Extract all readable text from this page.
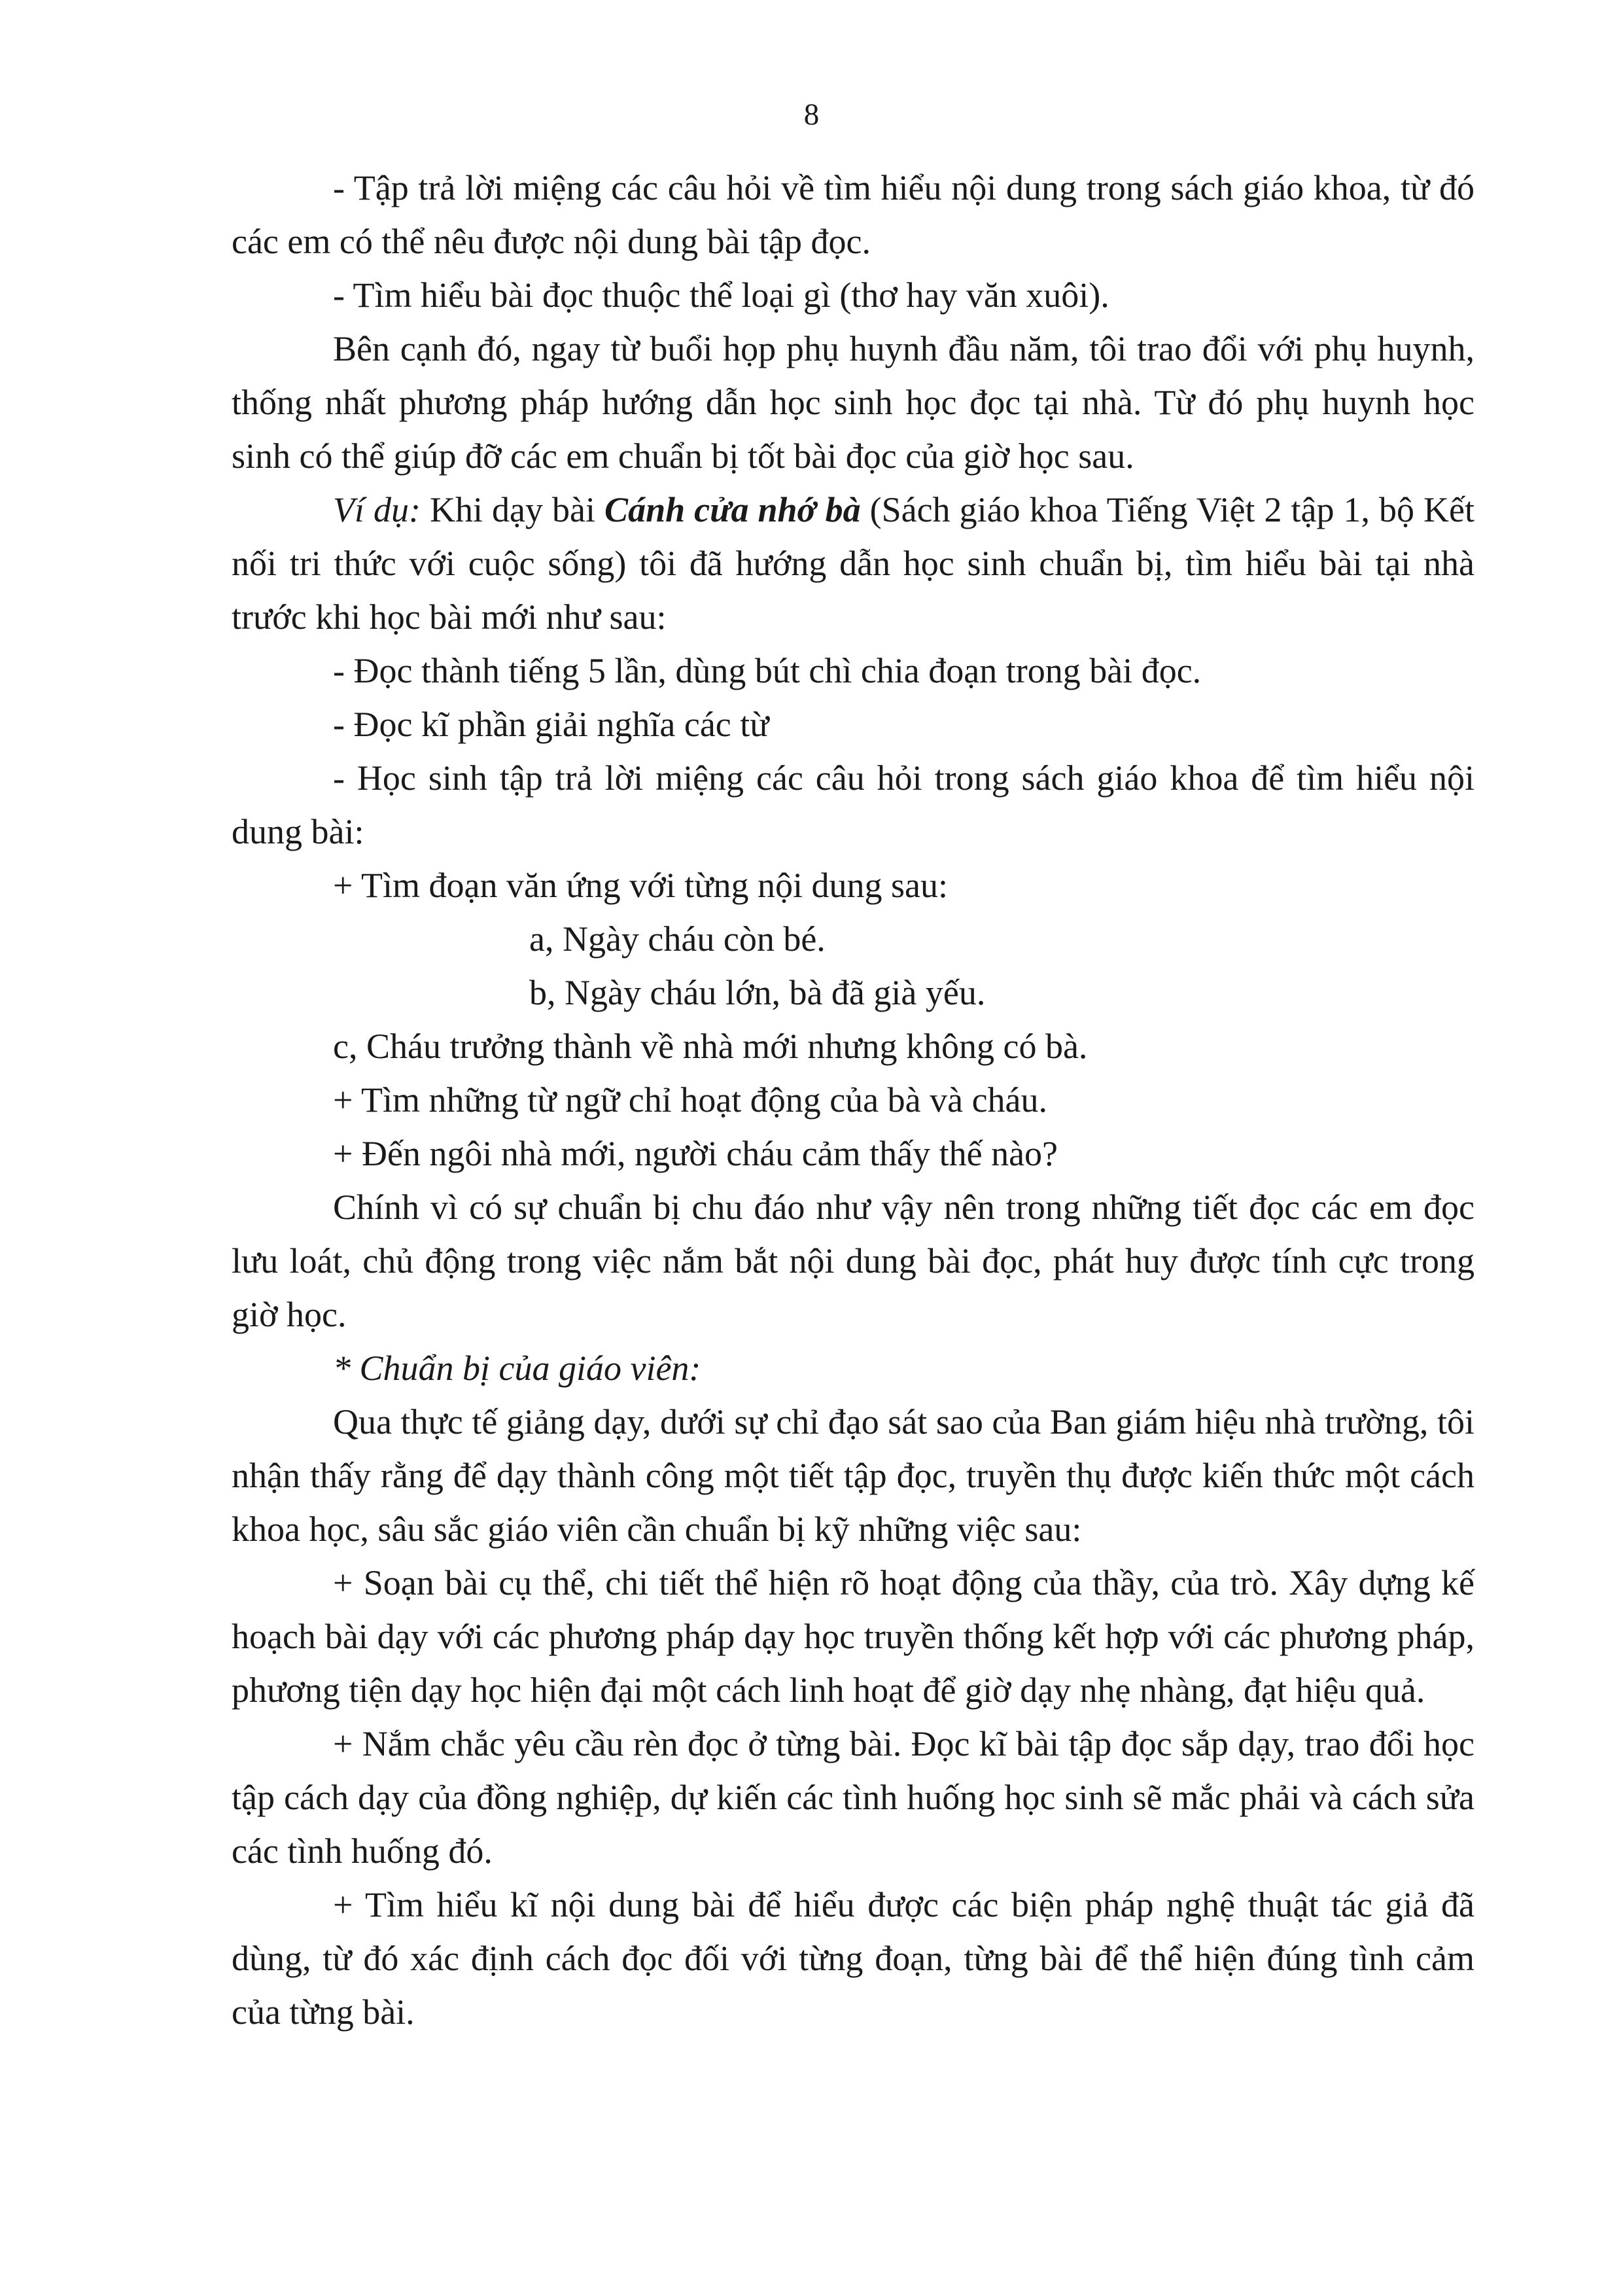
8

- Tập trả lời miệng các câu hỏi về tìm hiểu nội dung trong sách giáo khoa, từ đó các em có thể nêu được nội dung bài tập đọc.

- Tìm hiểu bài đọc thuộc thể loại gì (thơ hay văn xuôi).

Bên cạnh đó, ngay từ buổi họp phụ huynh đầu năm, tôi trao đổi với phụ huynh, thống nhất phương pháp hướng dẫn học sinh học đọc tại nhà. Từ đó phụ huynh học sinh có thể giúp đỡ các em chuẩn bị tốt bài đọc của giờ học sau.

Ví dụ: Khi dạy bài Cánh cửa nhớ bà (Sách giáo khoa Tiếng Việt 2 tập 1, bộ Kết nối tri thức với cuộc sống) tôi đã hướng dẫn học sinh chuẩn bị, tìm hiểu bài tại nhà trước khi học bài mới như sau:

- Đọc thành tiếng 5 lần, dùng bút chì chia đoạn trong bài đọc.

- Đọc kĩ phần giải nghĩa các từ

- Học sinh tập trả lời miệng các câu hỏi trong sách giáo khoa để tìm hiểu nội dung bài:

+ Tìm đoạn văn ứng với từng nội dung sau:

a, Ngày cháu còn bé.

b, Ngày cháu lớn, bà đã già yếu.

c, Cháu trưởng thành về nhà mới nhưng không có bà.

+ Tìm những từ ngữ chỉ hoạt động của bà và cháu.

+ Đến ngôi nhà mới, người cháu cảm thấy thế nào?

Chính vì có sự chuẩn bị chu đáo như vậy nên trong những tiết đọc các em đọc lưu loát, chủ động trong việc nắm bắt nội dung bài đọc, phát huy được tính cực trong giờ học.

* Chuẩn bị của giáo viên:

Qua thực tế giảng dạy, dưới sự chỉ đạo sát sao của Ban giám hiệu nhà trường, tôi nhận thấy rằng để dạy thành công một tiết tập đọc, truyền thụ được kiến thức một cách khoa học, sâu sắc giáo viên cần chuẩn bị kỹ những việc sau:

+ Soạn bài cụ thể, chi tiết thể hiện rõ hoạt động của thầy, của trò. Xây dựng kế hoạch bài dạy với các phương pháp dạy học truyền thống kết hợp với các phương pháp, phương tiện dạy học hiện đại một cách linh hoạt để giờ dạy nhẹ nhàng, đạt hiệu quả.

+ Nắm chắc yêu cầu rèn đọc ở từng bài. Đọc kĩ bài tập đọc sắp dạy, trao đổi học tập cách dạy của đồng nghiệp, dự kiến các tình huống học sinh sẽ mắc phải và cách sửa các tình huống đó.

+ Tìm hiểu kĩ nội dung bài để hiểu được các biện pháp nghệ thuật tác giả đã dùng, từ đó xác định cách đọc đối với từng đoạn, từng bài để thể hiện đúng tình cảm của từng bài.
